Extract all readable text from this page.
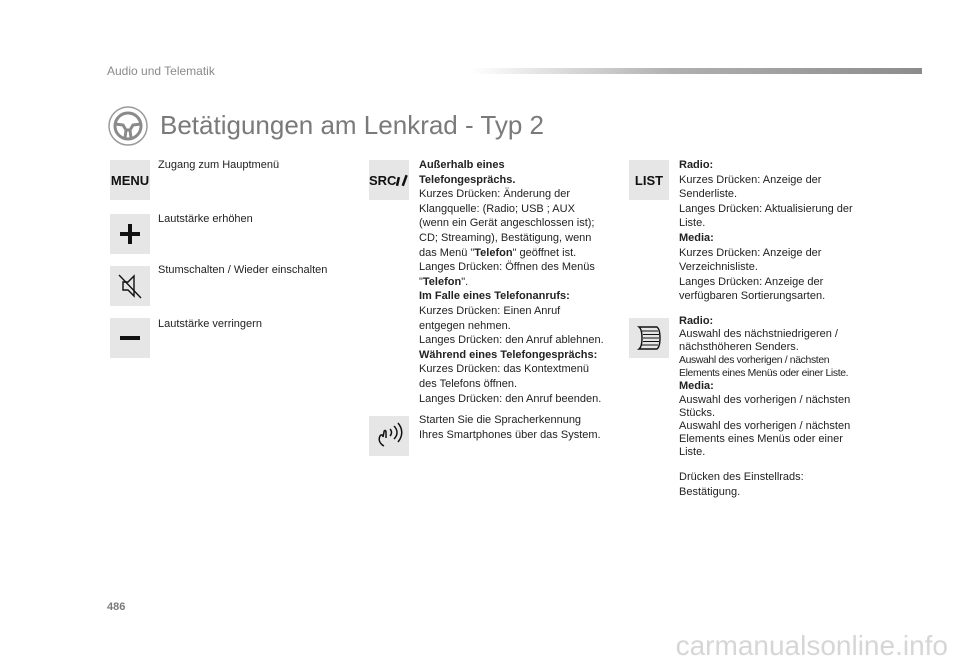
Audio und Telematik
Betätigungen am Lenkrad - Typ 2
MENU
Zugang zum Hauptmenü
Lautstärke erhöhen
Stumschalten / Wieder einschalten
Lautstärke verringern
SRC
Außerhalb eines
Telefongesprächs.
Kurzes Drücken: Änderung der
Klangquelle: (Radio; USB ; AUX
(wenn ein Gerät angeschlossen ist);
CD; Streaming), Bestätigung, wenn
das Menü "Telefon" geöffnet ist.
Langes Drücken: Öffnen des Menüs
"Telefon".
Im Falle eines Telefonanrufs:
Kurzes Drücken: Einen Anruf
entgegen nehmen.
Langes Drücken: den Anruf ablehnen.
Während eines Telefongesprächs:
Kurzes Drücken: das Kontextmenü
des Telefons öffnen.
Langes Drücken: den Anruf beenden.
Starten Sie die Spracherkennung
Ihres Smartphones über das System.
LIST
Radio:
Kurzes Drücken: Anzeige der
Senderliste.
Langes Drücken: Aktualisierung der
Liste.
Media:
Kurzes Drücken: Anzeige der
Verzeichnisliste.
Langes Drücken: Anzeige der
verfügbaren Sortierungsarten.
Radio:
Auswahl des nächstniedrigeren /
nächsthöheren Senders.
Auswahl des vorherigen / nächsten
Elements eines Menüs oder einer Liste.
Media:
Auswahl des vorherigen / nächsten
Stücks.
Auswahl des vorherigen / nächsten
Elements eines Menüs oder einer
Liste.
Drücken des Einstellrads:
Bestätigung.
486
carmanualsonline.info
